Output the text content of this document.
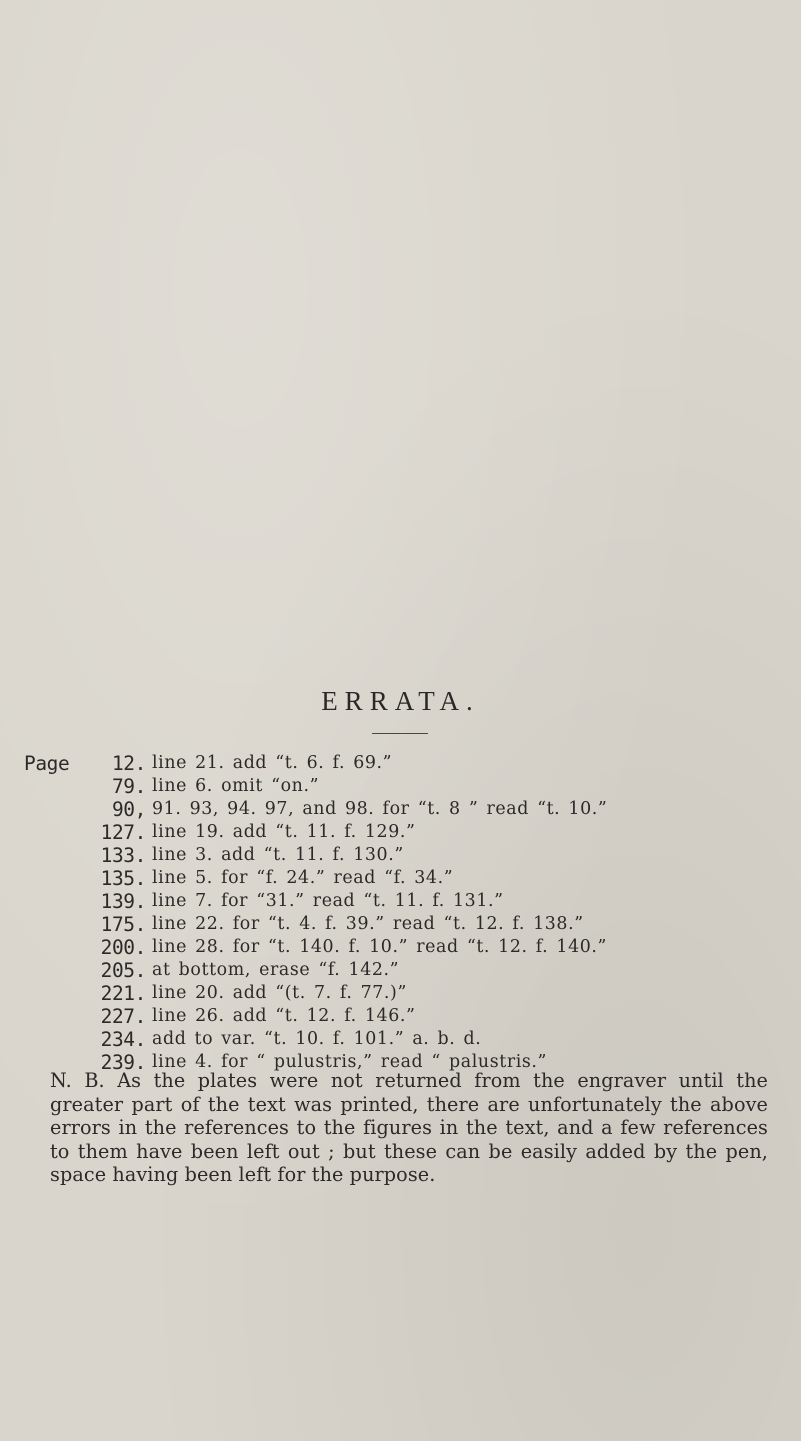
ERRATA.
Page	12. line 21. add “t. 6. f. 69.”
79. line 6. omit “on.”
90, 91. 93, 94. 97, and 98. for “t. 8 ” read “t. 10.”
127. line 19. add “t. 11. f. 129.”
133. line 3. add “t. 11. f. 130.”
135. line 5. for “f. 24.” read “f. 34.”
139. line 7. for “31.” read “t. 11. f. 131.”
175. line 22. for “t. 4. f. 39.” read “t. 12. f. 138.”
200. line 28. for “t. 140. f. 10.” read “t. 12. f. 140.”
205. at bottom, erase “f. 142.”
221. line 20. add “(t. 7. f. 77.)”
227. line 26. add “t. 12. f. 146.”
234. add to var. “t. 10. f. 101.” a. b. d.
239. line 4. for “ pulustris,” read “ palustris.”

N. B. As the plates were not returned from the engraver until the greater part of the text was printed, there are unfortunately the above errors in the references to the figures in the text, and a few references to them have been left out ; but these can be easily added by the pen, space having been left for the purpose.
